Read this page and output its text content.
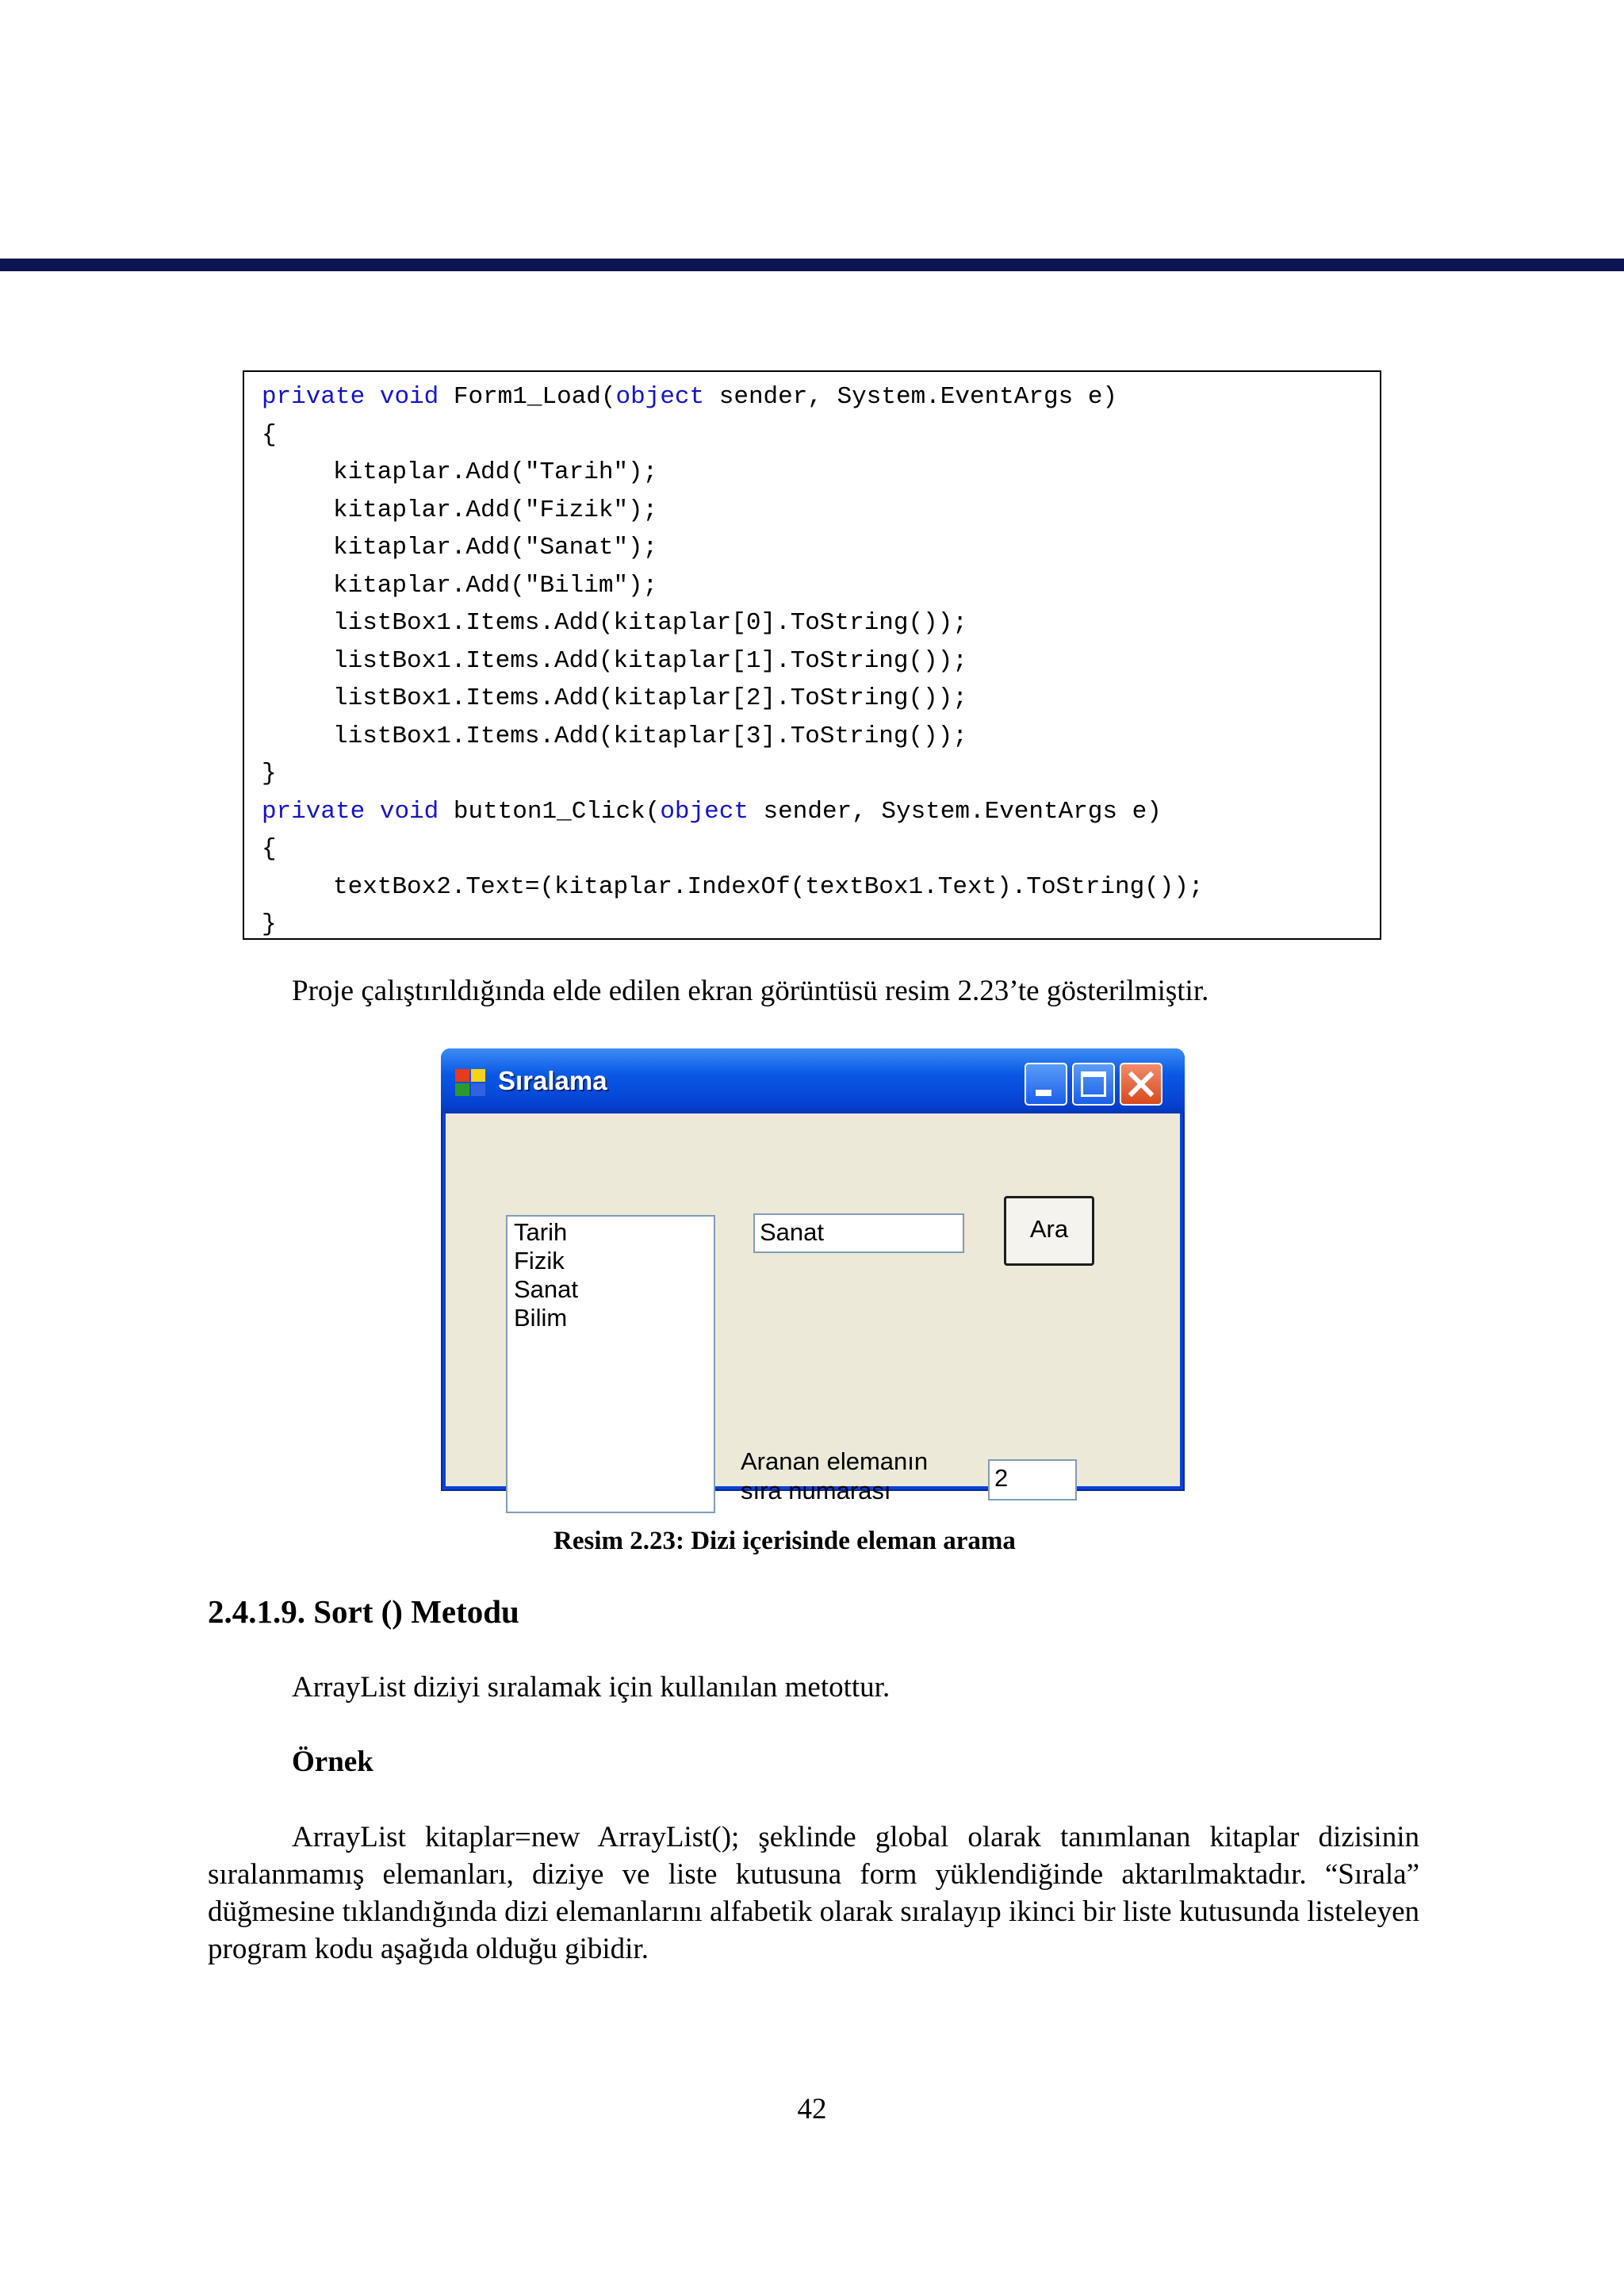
private void Form1_Load(object sender, System.EventArgs e)
{
kitaplar.Add("Tarih");
kitaplar.Add("Fizik");
kitaplar.Add("Sanat");
kitaplar.Add("Bilim");
listBox1.Items.Add(kitaplar[0].ToString());
listBox1.Items.Add(kitaplar[1].ToString());
listBox1.Items.Add(kitaplar[2].ToString());
listBox1.Items.Add(kitaplar[3].ToString());
}
private void button1_Click(object sender, System.EventArgs e)
{
textBox2.Text=(kitaplar.IndexOf(textBox1.Text).ToString());
}
Proje çalıştırıldığında elde edilen ekran görüntüsü resim 2.23’te gösterilmiştir.
Sıralama
Tarih
Fizik
Sanat
Bilim
Sanat	Ara
Aranan elemanın
sıra numarası	2
Resim 2.23: Dizi içerisinde eleman arama
2.4.1.9. Sort () Metodu
ArrayList diziyi sıralamak için kullanılan metottur.
Örnek
ArrayList kitaplar=new ArrayList(); şeklinde global olarak tanımlanan kitaplar dizisinin sıralanmamış elemanları, diziye ve liste kutusuna form yüklendiğinde aktarılmaktadır. “Sırala” düğmesine tıklandığında dizi elemanlarını alfabetik olarak sıralayıp ikinci bir liste kutusunda listeleyen program kodu aşağıda olduğu gibidir.
42
